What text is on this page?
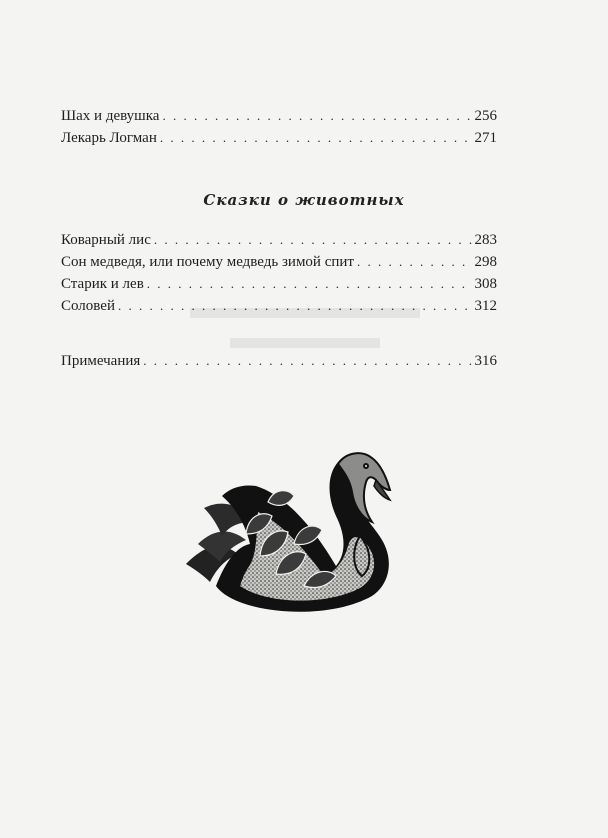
Шах и девушка . . .	256
Лекарь Логман . . .	271
Сказки о животных
Коварный лис . . .	283
Сон медведя, или почему медведь зимой спит . . .	298
Старик и лев . . .	308
Соловей . . .	312
Примечания . . .	316
